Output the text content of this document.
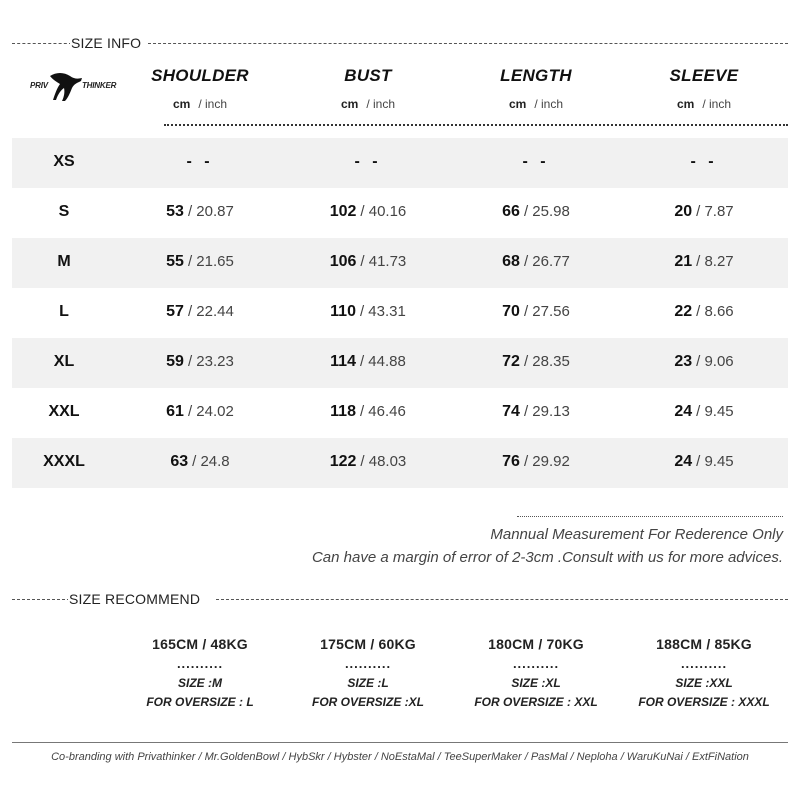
SIZE INFO
PRIV	THINKER
SHOULDER
cm / inch
BUST
cm / inch
LENGTH
cm / inch
SLEEVE
cm / inch
XS	- -	- -	- -	- -
S	53 / 20.87	102 / 40.16	66 / 25.98	20 / 7.87
M	55 / 21.65	106 / 41.73	68 / 26.77	21 / 8.27
L	57 / 22.44	110 / 43.31	70 / 27.56	22 / 8.66
XL	59 / 23.23	114 / 44.88	72 / 28.35	23 / 9.06
XXL	61 / 24.02	118 / 46.46	74 / 29.13	24 / 9.45
XXXL	63 / 24.8	122 / 48.03	76 / 29.92	24 / 9.45
Mannual Measurement For Rederence Only
Can have a margin of error of 2-3cm .Consult with us for more advices.
SIZE RECOMMEND
165CM / 48KG
..........
SIZE :M
FOR OVERSIZE : L
175CM / 60KG
..........
SIZE :L
FOR OVERSIZE :XL
180CM / 70KG
..........
SIZE :XL
FOR OVERSIZE : XXL
188CM / 85KG
..........
SIZE :XXL
FOR OVERSIZE : XXXL
Co-branding with Privathinker / Mr.GoldenBowl / HybSkr / Hybster / NoEstaMal / TeeSuperMaker / PasMal / Neploha / WaruKuNai / ExtFiNation
